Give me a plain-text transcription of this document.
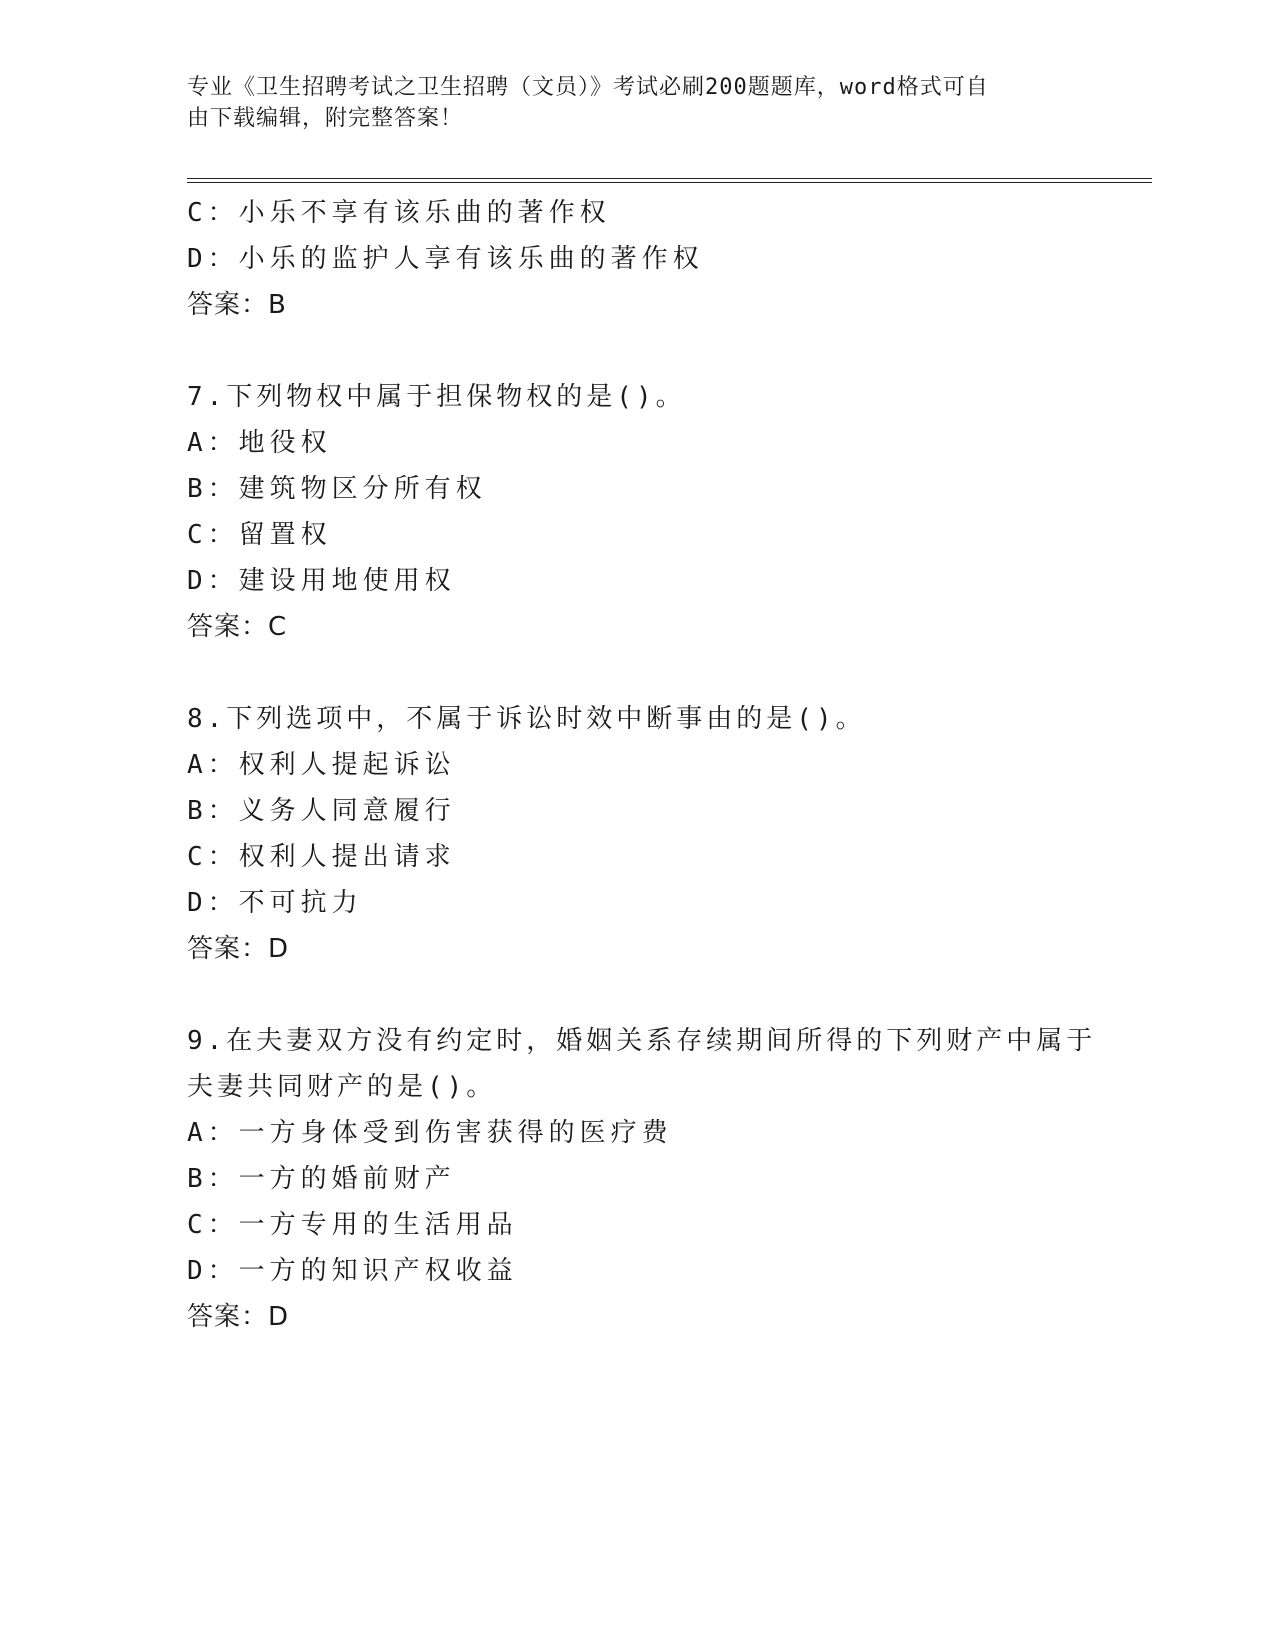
专业《卫生招聘考试之卫生招聘（文员）》考试必刷200题题库，word格式可自
由下载编辑，附完整答案！
C：小乐不享有该乐曲的著作权
D：小乐的监护人享有该乐曲的著作权
答案：B
7.下列物权中属于担保物权的是()。
A：地役权
B：建筑物区分所有权
C：留置权
D：建设用地使用权
答案：C
8.下列选项中，不属于诉讼时效中断事由的是()。
A：权利人提起诉讼
B：义务人同意履行
C：权利人提出请求
D：不可抗力
答案：D
9.在夫妻双方没有约定时，婚姻关系存续期间所得的下列财产中属于
夫妻共同财产的是()。
A：一方身体受到伤害获得的医疗费
B：一方的婚前财产
C：一方专用的生活用品
D：一方的知识产权收益
答案：D
